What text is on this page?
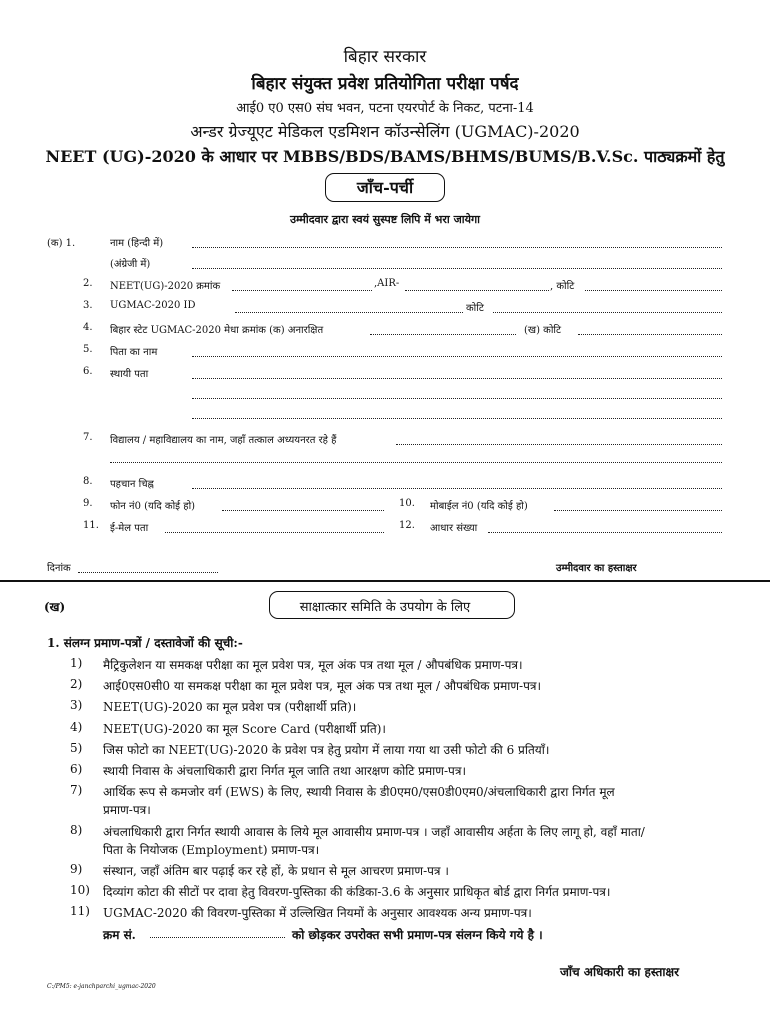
बिहार सरकार
बिहार संयुक्त प्रवेश प्रतियोगिता परीक्षा पर्षद
आई0 ए0 एस0 संघ भवन, पटना एयरपोर्ट के निकट, पटना-14
अन्डर ग्रेज्यूएट मेडिकल एडमिशन कॉउन्सेलिंग (UGMAC)-2020
NEET (UG)-2020 के आधार पर MBBS/BDS/BAMS/BHMS/BUMS/B.V.Sc. पाठ्यक्रमों हेतु
जाँच-पर्ची
उम्मीदवार द्वारा स्वयं सुस्पष्ट लिपि में भरा जायेगा
(क) 1.	नाम (हिन्दी में)
(अंग्रेजी में)
2. NEET(UG)-2020 क्रमांक	,AIR-	, कोटि
3. UGMAC-2020 ID	कोटि
4. बिहार स्टेट UGMAC-2020 मेधा क्रमांक (क) अनारक्षित	(ख) कोटि
5. पिता का नाम
6. स्थायी पता
7. विद्यालय / महाविद्यालय का नाम, जहाँ तत्काल अध्ययनरत रहे हैं
8. पहचान चिह्न
9. फोन नं0 (यदि कोई हो)	10. मोबाईल नं0 (यदि कोई हो)
11. ई-मेल पता	12. आधार संख्या
दिनांक	उम्मीदवार का हस्ताक्षर
(ख)	साक्षात्कार समिति के उपयोग के लिए
1. संलग्न प्रमाण-पत्रों / दस्तावेजों की सूची:-
1) मैट्रिकुलेशन या समकक्ष परीक्षा का मूल प्रवेश पत्र, मूल अंक पत्र तथा मूल / औपबंधिक प्रमाण-पत्र।
2) आई0एस0सी0 या समकक्ष परीक्षा का मूल प्रवेश पत्र, मूल अंक पत्र तथा मूल / औपबंधिक प्रमाण-पत्र।
3) NEET(UG)-2020 का मूल प्रवेश पत्र (परीक्षार्थी प्रति)।
4) NEET(UG)-2020 का मूल Score Card (परीक्षार्थी प्रति)।
5) जिस फोटो का NEET(UG)-2020 के प्रवेश पत्र हेतु प्रयोग में लाया गया था उसी फोटो की 6 प्रतियाँ।
6) स्थायी निवास के अंचलाधिकारी द्वारा निर्गत मूल जाति तथा आरक्षण कोटि प्रमाण-पत्र।
7) आर्थिक रूप से कमजोर वर्ग (EWS) के लिए, स्थायी निवास के डी0एम0/एस0डी0एम0/अंचलाधिकारी द्वारा निर्गत मूल
प्रमाण-पत्र।
8) अंचलाधिकारी द्वारा निर्गत स्थायी आवास के लिये मूल आवासीय प्रमाण-पत्र । जहाँ आवासीय अर्हता के लिए लागू हो, वहाँ माता/
पिता के नियोजक (Employment) प्रमाण-पत्र।
9) संस्थान, जहाँ अंतिम बार पढ़ाई कर रहे हों, के प्रधान से मूल आचरण प्रमाण-पत्र ।
10) दिव्यांग कोटा की सीटों पर दावा हेतु विवरण-पुस्तिका की कंडिका-3.6 के अनुसार प्राधिकृत बोर्ड द्वारा निर्गत प्रमाण-पत्र।
11) UGMAC-2020 की विवरण-पुस्तिका में उल्लिखित नियमों के अनुसार आवश्यक अन्य प्रमाण-पत्र।
क्रम सं.	को छोड़कर उपरोक्त सभी प्रमाण-पत्र संलग्न किये गये है ।
जाँच अधिकारी का हस्ताक्षर
C:/PM5: e-janchparchi_ugmac-2020
